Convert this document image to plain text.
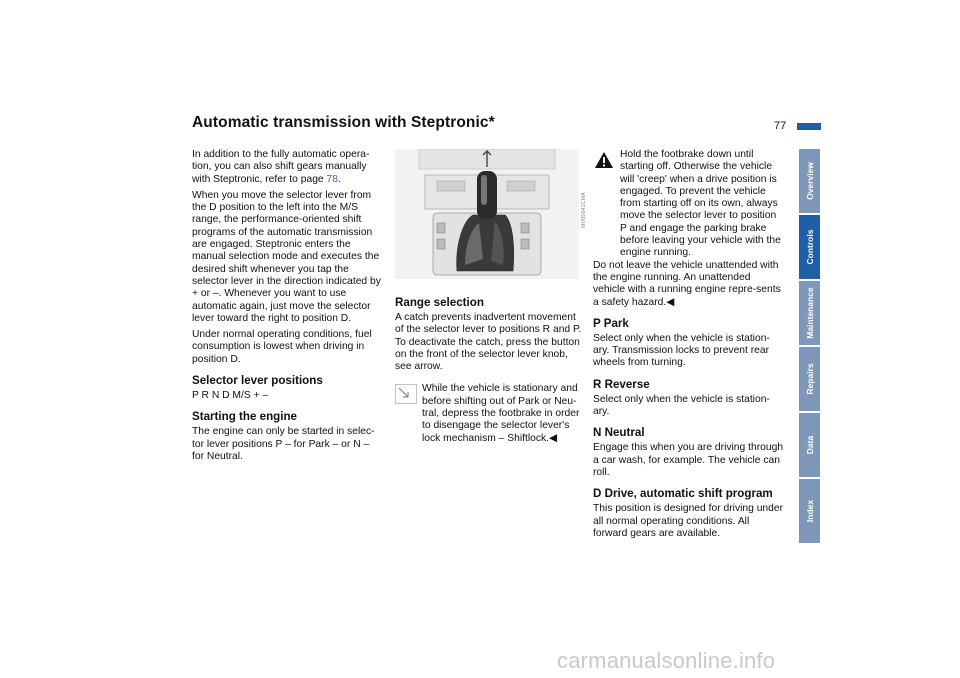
Automatic transmission with Steptronic*	77

In addition to the fully automatic opera-tion, you can also shift gears manually with Steptronic, refer to page 78.

When you move the selector lever from the D position to the left into the M/S range, the performance-oriented shift programs of the automatic transmission are engaged. Steptronic enters the manual selection mode and executes the desired shift whenever you tap the selector lever in the direction indicated by + or –. Whenever you want to use automatic again, just move the selector lever toward the right to position D.

Under normal operating conditions, fuel consumption is lowest when driving in position D.

Selector lever positions

P R N D M/S + –

Starting the engine

The engine can only be started in selec-tor lever positions P – for Park – or N – for Neutral.

MV05641CMA
Range selection

A catch prevents inadvertent movement of the selector lever to positions R and P. To deactivate the catch, press the button on the front of the selector lever knob, see arrow.

While the vehicle is stationary and before shifting out of Park or Neu-tral, depress the footbrake in order to disengage the selector lever's lock mechanism – Shiftlock.◀

Hold the footbrake down until starting off. Otherwise the vehicle will 'creep' when a drive position is engaged. To prevent the vehicle from starting off on its own, always move the selector lever to position P and engage the parking brake before leaving your vehicle with the engine running.

Do not leave the vehicle unattended with the engine running. An unattended vehicle with a running engine repre-sents a safety hazard.◀

P Park

Select only when the vehicle is station-ary. Transmission locks to prevent rear wheels from turning.

R Reverse

Select only when the vehicle is station-ary.

N Neutral

Engage this when you are driving through a car wash, for example. The vehicle can roll.

D Drive, automatic shift program

This position is designed for driving under all normal operating conditions. All forward gears are available.

Overview
Controls
Maintenance
Repairs
Data
Index
carmanualsonline.info
